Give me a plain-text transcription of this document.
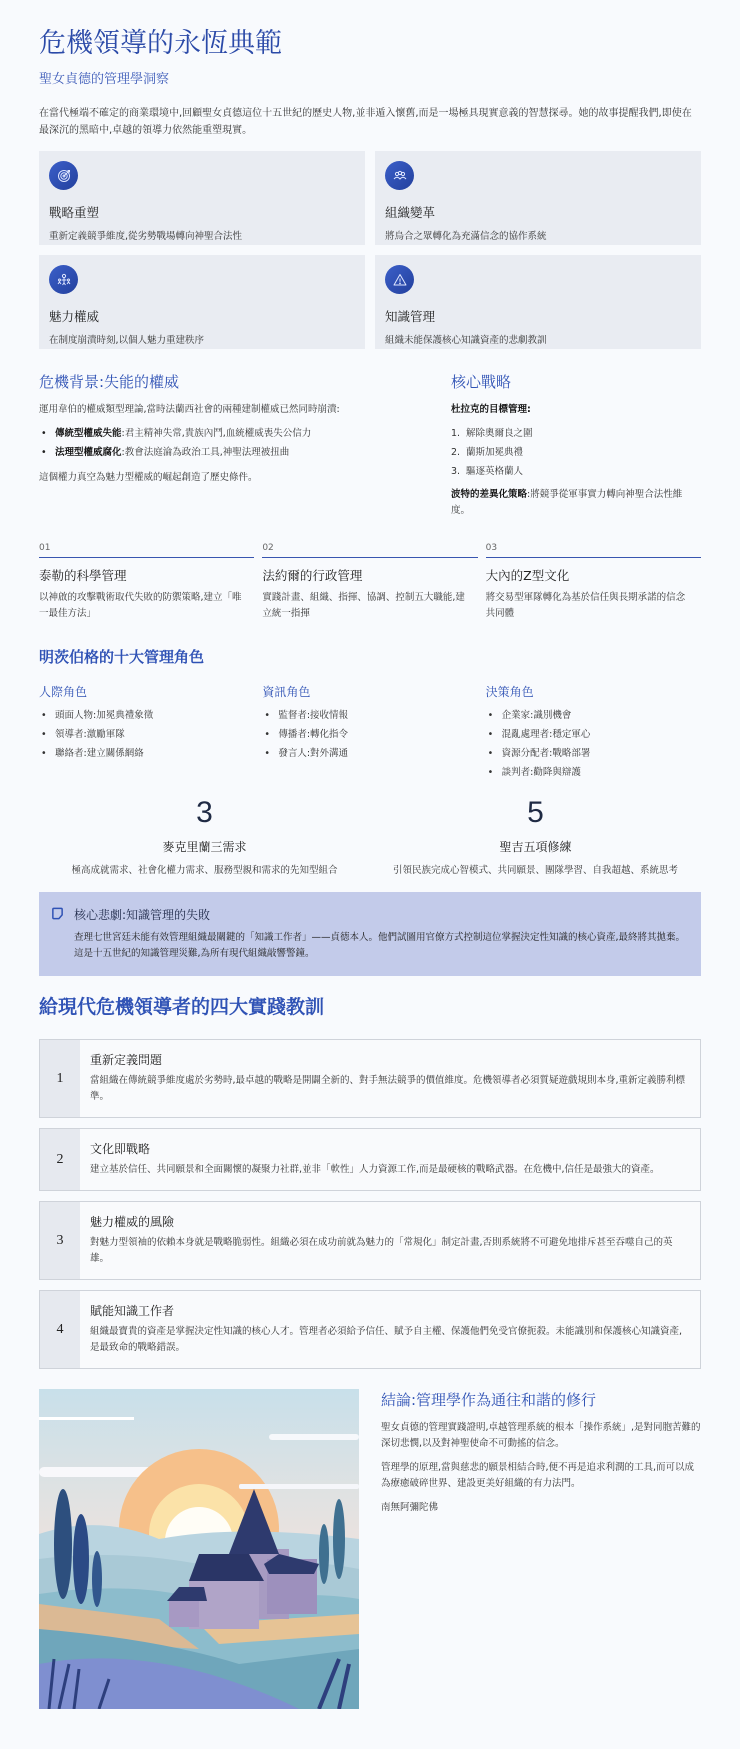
危機領導的永恆典範
聖女貞德的管理學洞察

在當代極端不確定的商業環境中,回顧聖女貞德這位十五世紀的歷史人物,並非遁入懷舊,而是一場極具現實意義的智慧探尋。她的故事提醒我們,即使在最深沉的黑暗中,卓越的領導力依然能重塑現實。

戰略重塑
重新定義競爭維度,從劣勢戰場轉向神聖合法性
組織變革
將烏合之眾轉化為充滿信念的協作系統
魅力權威
在制度崩潰時刻,以個人魅力重建秩序
知識管理
組織未能保護核心知識資產的悲劇教訓
危機背景:失能的權威

運用韋伯的權威類型理論,當時法蘭西社會的兩種建制權威已然同時崩潰:

• 傳統型權威失能:君主精神失常,貴族內鬥,血統權威喪失公信力
• 法理型權威腐化:教會法庭淪為政治工具,神聖法理被扭曲

這個權力真空為魅力型權威的崛起創造了歷史條件。

核心戰略

杜拉克的目標管理:

1. 解除奧爾良之圍
2. 蘭斯加冕典禮
3. 驅逐英格蘭人

波特的差異化策略:將競爭從軍事實力轉向神聖合法性維度。

01
泰勒的科學管理
以神啟的攻擊戰術取代失敗的防禦策略,建立「唯一最佳方法」
02
法約爾的行政管理
實踐計畫、組織、指揮、協調、控制五大職能,建立統一指揮
03
大內的Z型文化
將交易型軍隊轉化為基於信任與長期承諾的信念共同體
明茨伯格的十大管理角色
人際角色
• 頭面人物:加冕典禮象徵
• 領導者:激勵軍隊
• 聯絡者:建立關係網絡
資訊角色
• 監督者:接收情報
• 傳播者:轉化指令
• 發言人:對外溝通
決策角色
• 企業家:識別機會
• 混亂處理者:穩定軍心
• 資源分配者:戰略部署
• 談判者:勸降與辯護
3
麥克里蘭三需求
極高成就需求、社會化權力需求、服務型親和需求的先知型組合
5
聖吉五項修練
引領民族完成心智模式、共同願景、團隊學習、自我超越、系統思考
核心悲劇:知識管理的失敗

查理七世宮廷未能有效管理組織最關鍵的「知識工作者」——貞德本人。他們試圖用官僚方式控制這位掌握決定性知識的核心資產,最終將其拋棄。這是十五世紀的知識管理災難,為所有現代組織敲響警鐘。

給現代危機領導者的四大實踐教訓
1
重新定義問題
當組織在傳統競爭維度處於劣勢時,最卓越的戰略是開闢全新的、對手無法競爭的價值維度。危機領導者必須質疑遊戲規則本身,重新定義勝利標準。
2
文化即戰略
建立基於信任、共同願景和全面關懷的凝聚力社群,並非「軟性」人力資源工作,而是最硬核的戰略武器。在危機中,信任是最強大的資產。
3
魅力權威的風險
對魅力型領袖的依賴本身就是戰略脆弱性。組織必須在成功前就為魅力的「常規化」制定計畫,否則系統將不可避免地排斥甚至吞噬自己的英雄。
4
賦能知識工作者
組織最寶貴的資產是掌握決定性知識的核心人才。管理者必須給予信任、賦予自主權、保護他們免受官僚扼殺。未能識別和保護核心知識資產,是最致命的戰略錯誤。
結論:管理學作為通往和諧的修行

聖女貞德的管理實踐證明,卓越管理系統的根本「操作系統」,是對同胞苦難的深切悲憫,以及對神聖使命不可動搖的信念。

管理學的原理,當與慈悲的願景相結合時,便不再是追求利潤的工具,而可以成為療癒破碎世界、建設更美好組織的有力法門。

南無阿彌陀佛
